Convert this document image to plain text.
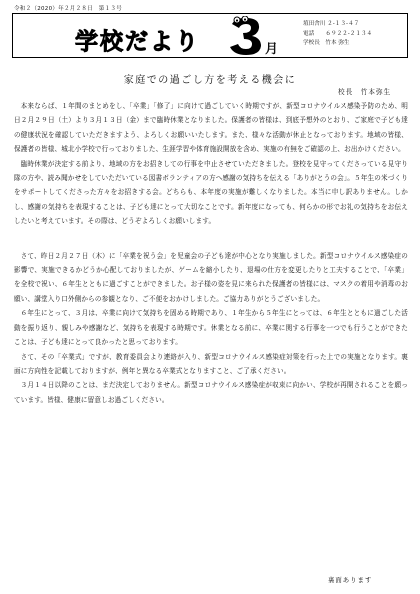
令和２（2020）年２月２８日　第１３号
学校だより	月
埴田舎川 ２-１３-４７
電話　　６９２２-２１３４
学校長　竹本 弥生
家庭での過ごし方を考える機会に
校長　竹本弥生

本来ならば、１年間のまとめをし、「卒業」「修了」に向けて過ごしていく時期ですが、新型コロナウイルス感染予防のため、明日２月２９日（土）より３月１３日（金）まで臨時休業となりました。保護者の皆様は、到底予想外のとおり、ご家庭で子ども達の健康状況を確認していただきますよう、よろしくお願いいたします。また、様々な活動が休止となっております。地域の皆様、保護者の皆様、城北小学校で行っておりました、生涯学習や体育施設開放を含め、実施の有無をご確認の上、お出かけください。

臨時休業が決定する前より、地域の方をお招きしての行事を中止させていただきました。登校を見守ってくださっている見守り隊の方や、読み聞かせをしていただいている図書ボランティアの方へ感謝の気持ちを伝える「ありがとうの会」。５年生の米づくりをサポートしてくださった方々をお招きする会。どちらも、本年度の実施が難しくなりました。本当に申し訳ありません。しかし、感謝の気持ちを表現することは、子ども達にとって大切なことです。新年度になっても、何らかの形でお礼の気持ちをお伝えしたいと考えています。その際は、どうぞよろしくお願いします。

さて、昨日２月２７日（木）に「卒業を祝う会」を児童会の子ども達が中心となり実施しました。新型コロナウイルス感染症の影響で、実施できるかどうか心配しておりましたが、ゲームを縮小したり、退場の仕方を変更したりと工夫することで、「卒業」を全校で祝い、６年生とともに過ごすことができました。お子様の姿を見に来られた保護者の皆様には、マスクの着用や消毒のお願い、講堂入り口外側からの参観となり、ご不便をおかけしました。ご協力ありがとうございました。

６年生にとって、３月は、卒業に向けて気持ちを固める時期であり、１年生から５年生にとっては、６年生とともに過ごした活動を振り返り、親しみや感謝など、気持ちを表現する時期です。休業となる前に、卒業に関する行事を一つでも行うことができたことは、子ども達にとって良かったと思っております。

さて、その「卒業式」ですが、教育委員会より連絡が入り、新型コロナウイルス感染症対策を行った上での実施となります。裏面に方向性を記載しておりますが、例年と異なる卒業式となりますこと、ご了承ください。

３月１４日以降のことは、まだ決定しておりません。新型コロナウイルス感染症が収束に向かい、学校が再開されることを願っています。皆様、健康に留意しお過ごしください。

裏面あります
